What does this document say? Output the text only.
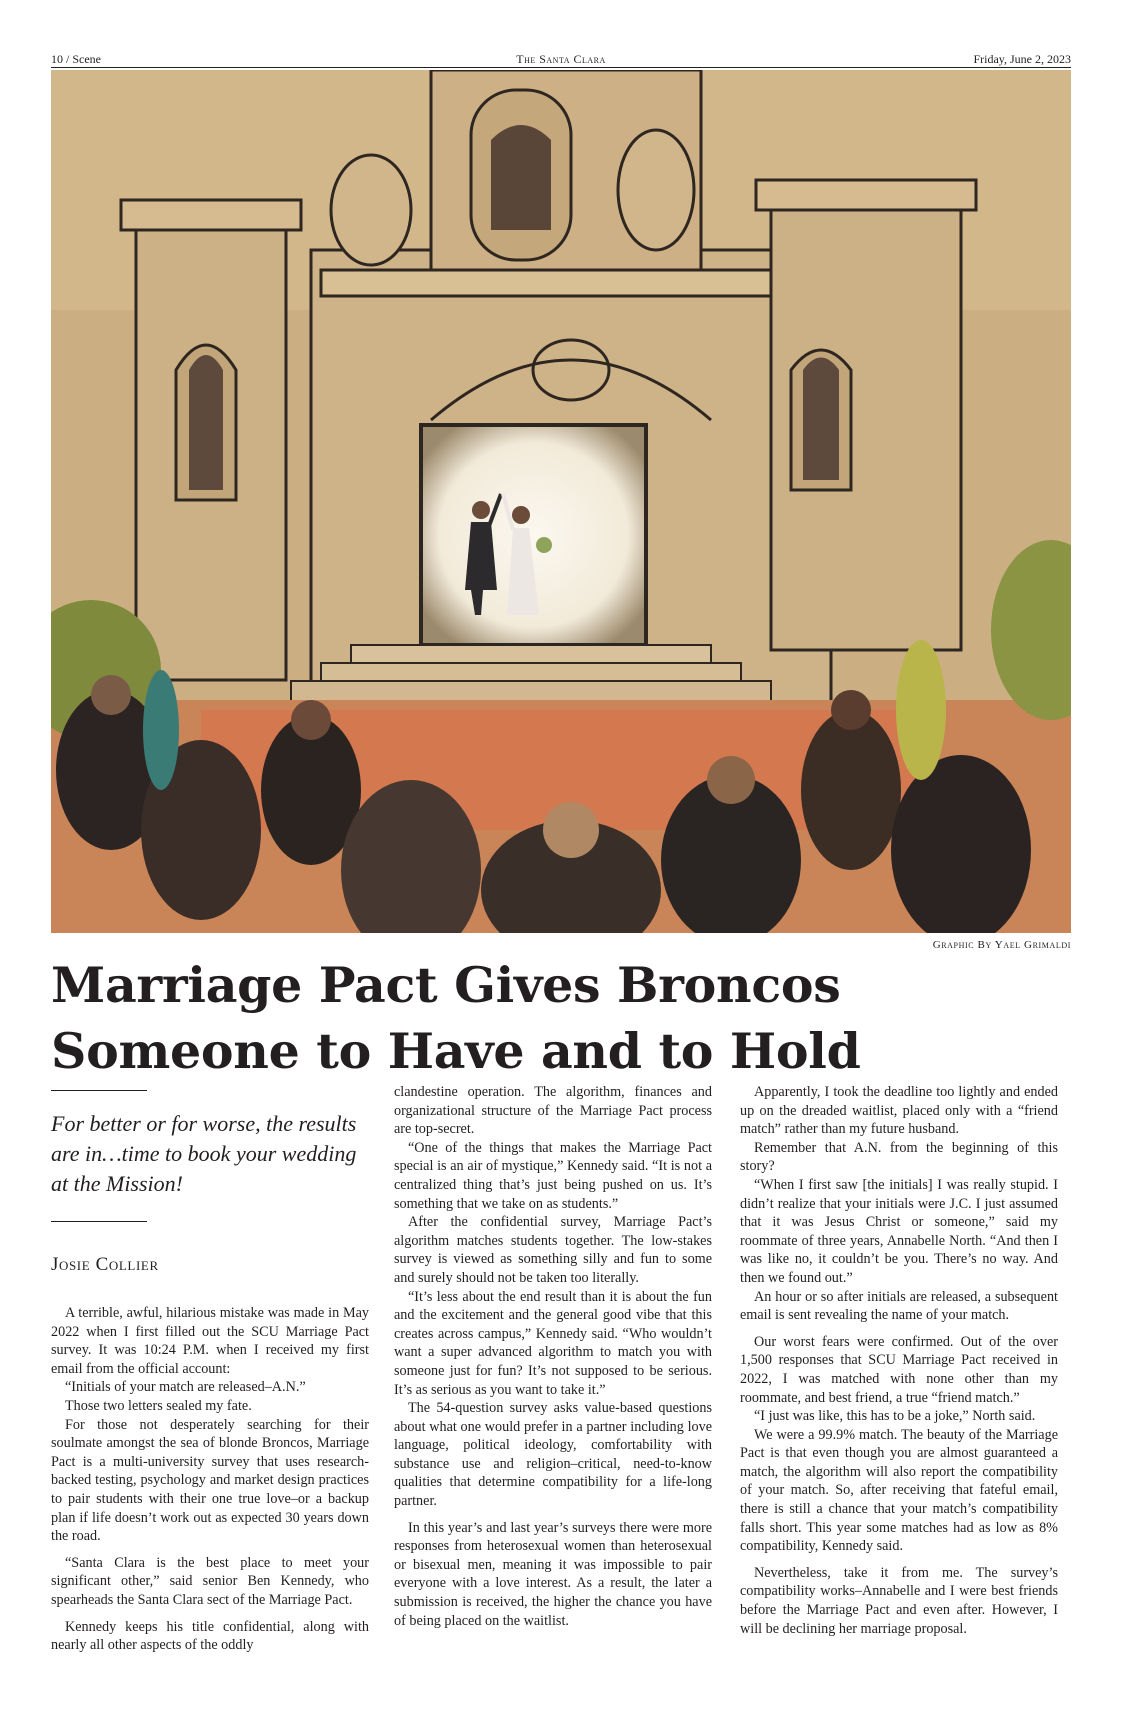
10 / Scene	The Santa Clara	Friday, June 2, 2023
Graphic By Yael Grimaldi
Marriage Pact Gives Broncos Someone to Have and to Hold
For better or for worse, the results are in…time to book your wedding at the Mission!
Josie Collier

A terrible, awful, hilarious mistake was made in May 2022 when I first filled out the SCU Marriage Pact survey. It was 10:24 P.M. when I received my first email from the official account:

“Initials of your match are released–A.N.”

Those two letters sealed my fate.

For those not desperately searching for their soulmate amongst the sea of blonde Broncos, Marriage Pact is a multi-university survey that uses research-backed testing, psychology and market design practices to pair students with their one true love–or a backup plan if life doesn’t work out as expected 30 years down the road.

“Santa Clara is the best place to meet your significant other,” said senior Ben Kennedy, who spearheads the Santa Clara sect of the Marriage Pact.

Kennedy keeps his title confidential, along with nearly all other aspects of the oddly

clandestine operation. The algorithm, finances and organizational structure of the Marriage Pact process are top-secret.

“One of the things that makes the Marriage Pact special is an air of mystique,” Kennedy said. “It is not a centralized thing that’s just being pushed on us. It’s something that we take on as students.”

After the confidential survey, Marriage Pact’s algorithm matches students together. The low-stakes survey is viewed as something silly and fun to some and surely should not be taken too literally.

“It’s less about the end result than it is about the fun and the excitement and the general good vibe that this creates across campus,” Kennedy said. “Who wouldn’t want a super advanced algorithm to match you with someone just for fun? It’s not supposed to be serious. It’s as serious as you want to take it.”

The 54-question survey asks value-based questions about what one would prefer in a partner including love language, political ideology, comfortability with substance use and religion–critical, need-to-know qualities that determine compatibility for a life-long partner.

In this year’s and last year’s surveys there were more responses from heterosexual women than heterosexual or bisexual men, meaning it was impossible to pair everyone with a love interest. As a result, the later a submission is received, the higher the chance you have of being placed on the waitlist.

Apparently, I took the deadline too lightly and ended up on the dreaded waitlist, placed only with a “friend match” rather than my future husband.

Remember that A.N. from the beginning of this story?

“When I first saw [the initials] I was really stupid. I didn’t realize that your initials were J.C. I just assumed that it was Jesus Christ or someone,” said my roommate of three years, Annabelle North. “And then I was like no, it couldn’t be you. There’s no way. And then we found out.”

An hour or so after initials are released, a subsequent email is sent revealing the name of your match.

Our worst fears were confirmed. Out of the over 1,500 responses that SCU Marriage Pact received in 2022, I was matched with none other than my roommate, and best friend, a true “friend match.”

“I just was like, this has to be a joke,” North said.

We were a 99.9% match. The beauty of the Marriage Pact is that even though you are almost guaranteed a match, the algorithm will also report the compatibility of your match. So, after receiving that fateful email, there is still a chance that your match’s compatibility falls short. This year some matches had as low as 8% compatibility, Kennedy said.

Nevertheless, take it from me. The survey’s compatibility works–Annabelle and I were best friends before the Marriage Pact and even after. However, I will be declining her marriage proposal.
